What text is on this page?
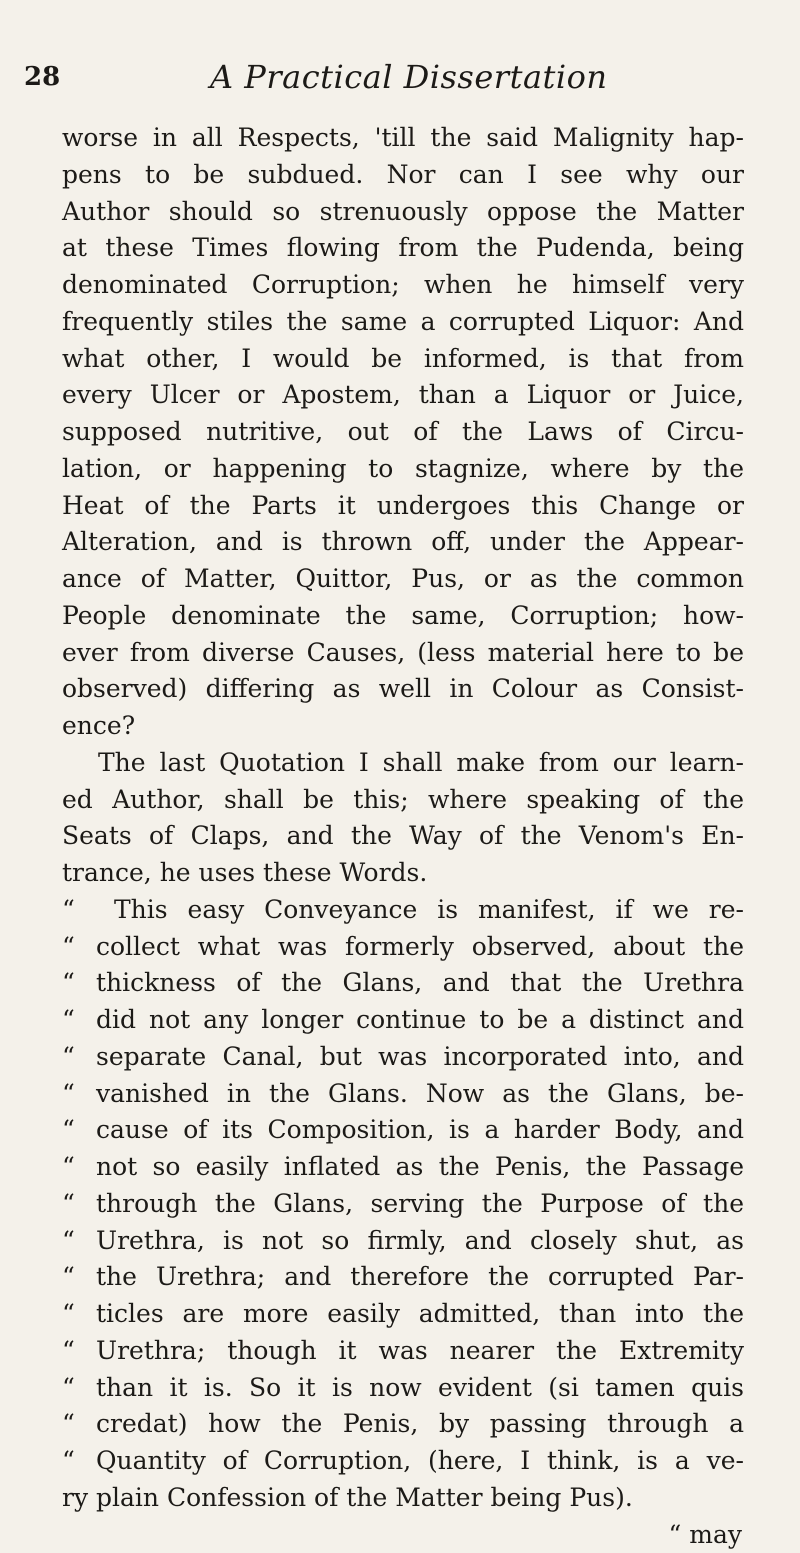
28	A Practical Dissertation
worse in all Respects, 'till the said Malignity hap-
pens to be subdued. Nor can I see why our
Author should so strenuously oppose the Matter
at these Times flowing from the Pudenda, being
denominated Corruption; when he himself very
frequently stiles the same a corrupted Liquor: And
what other, I would be informed, is that from
every Ulcer or Apostem, than a Liquor or Juice,
supposed nutritive, out of the Laws of Circu-
lation, or happening to stagnize, where by the
Heat of the Parts it undergoes this Change or
Alteration, and is thrown off, under the Appear-
ance of Matter, Quittor, Pus, or as the common
People denominate the same, Corruption; how-
ever from diverse Causes, (less material here to be
observed) differing as well in Colour as Consist-
ence?
The last Quotation I shall make from our learn-
ed Author, shall be this; where speaking of the
Seats of Claps, and the Way of the Venom's En-
trance, he uses these Words.
“ This easy Conveyance is manifest, if we re-
“ collect what was formerly observed, about the
“ thickness of the Glans, and that the Urethra
“ did not any longer continue to be a distinct and
“ separate Canal, but was incorporated into, and
“ vanished in the Glans. Now as the Glans, be-
“ cause of its Composition, is a harder Body, and
“ not so easily inflated as the Penis, the Passage
“ through the Glans, serving the Purpose of the
“ Urethra, is not so firmly, and closely shut, as
“ the Urethra; and therefore the corrupted Par-
“ ticles are more easily admitted, than into the
“ Urethra; though it was nearer the Extremity
“ than it is. So it is now evident (si tamen quis
“ credat) how the Penis, by passing through a
“ Quantity of Corruption, (here, I think, is a ve-
ry plain Confession of the Matter being Pus).
“ may
